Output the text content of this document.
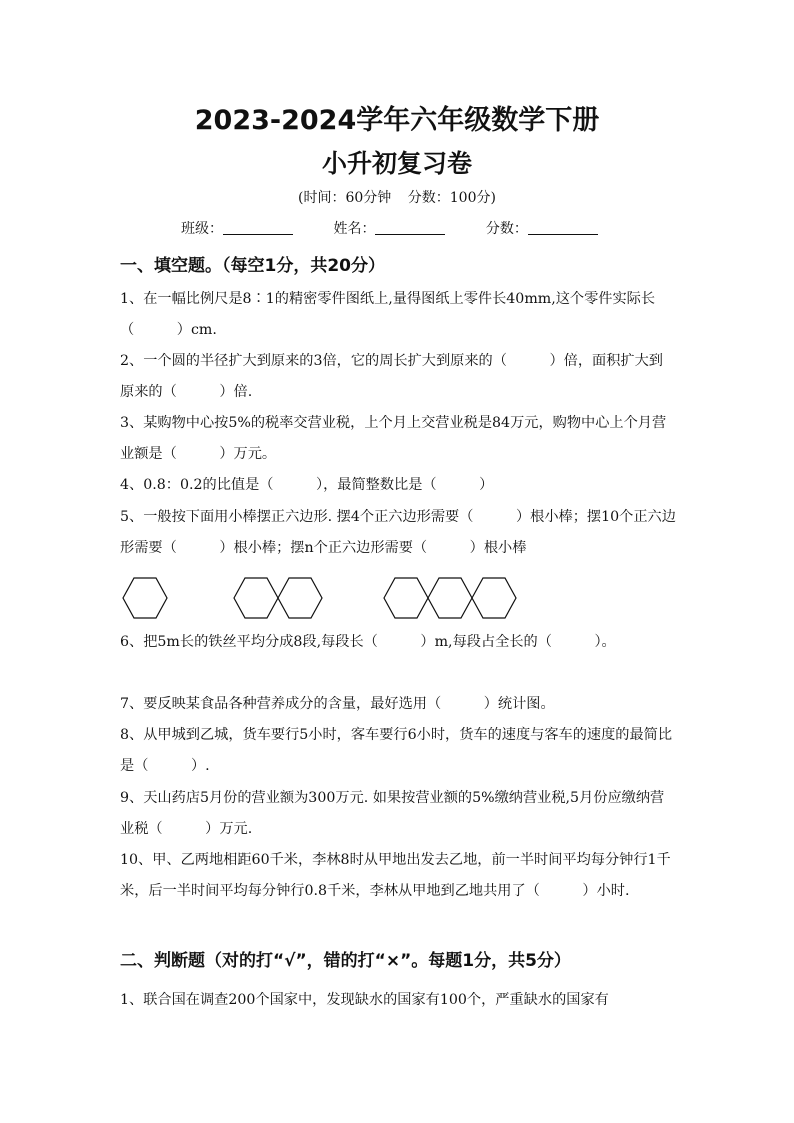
2023-2024学年六年级数学下册
小升初复习卷
(时间：60分钟 分数：100分)
班级：	姓名：	分数：
一、填空题。（每空1分，共20分）
1、在一幅比例尺是8∶1的精密零件图纸上,量得图纸上零件长40mm,这个零件实际长（　　　）cm.
2、一个圆的半径扩大到原来的3倍，它的周长扩大到原来的（　　　）倍，面积扩大到原来的（　　　）倍.
3、某购物中心按5%的税率交营业税，上个月上交营业税是84万元，购物中心上个月营业额是（　　　）万元。
4、0.8：0.2的比值是（　　　），最简整数比是（　　　）
5、一般按下面用小棒摆正六边形. 摆4个正六边形需要（　　　）根小棒；摆10个正六边形需要（　　　）根小棒；摆n个正六边形需要（　　　）根小棒
6、把5m长的铁丝平均分成8段,每段长（　　　）m,每段占全长的（　　　）。
7、要反映某食品各种营养成分的含量，最好选用（　　　）统计图。
8、从甲城到乙城，货车要行5小时，客车要行6小时，货车的速度与客车的速度的最简比是（　　　）.
9、天山药店5月份的营业额为300万元. 如果按营业额的5%缴纳营业税,5月份应缴纳营业税（　　　）万元.
10、甲、乙两地相距60千米，李林8时从甲地出发去乙地，前一半时间平均每分钟行1千米，后一半时间平均每分钟行0.8千米，李林从甲地到乙地共用了（　　　）小时.
二、判断题（对的打“√”，错的打“×”。每题1分，共5分）
1、联合国在调查200个国家中，发现缺水的国家有100个，严重缺水的国家有
